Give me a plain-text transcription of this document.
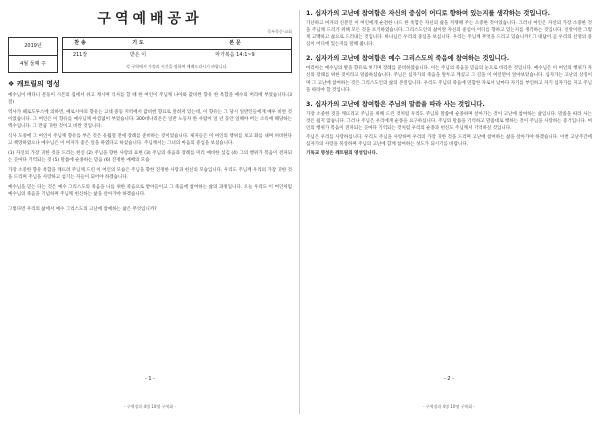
구역예배공과
목부목준-교회
2019년
4월 둘째 주
찬 송	기 도	본 문
211장	받은 이	마가복음 14:1~9
각 구역에서 가정과 시간을 정하여 예배드리시기 바랍니다.
❖ 캐트릴의 영성
예수님이 베다니 문둥이 시몬의 집에서 쉬고 계시며 식사를 할 때 한 여인이 주님께 나아와 값비싼 향유 한 옥합을 예수의 머리에 부었습니다.(3절)
역사가 헤로도투스에 의하면, 예로시아의 향유는 고대 중동 지역에서 값비싼 향료로 알려져 있는데, 이 향유는 그 당시 일반인들에게 매우 비싼 것이었습니다. 그 여인은 이 향유를 예수님께 아낌없이 부었습니다. 300데나리온은 일반 노동자 한 사람이 일 년 동안 일해야 버는 소득에 해당하는 액수입니다. 그 만큼 귀한 것이고 비싼 것입니다.
식사 도중에 그 여인이 주님께 향유를 부은 것은 유월절 전에 장례를 준비하는 것이었습니다. 제자들은 이 여인의 행위를 보고 화를 내며 허비한다고 책망하였으나 예수님은 이 여자가 좋은 일을 하였다고 하셨습니다. 주님께서는 그녀의 마음의 중심을 보셨습니다.
(1) 자신의 가장 귀한 것을 드리는 헌신 (2) 주님을 향한 사랑의 표현 (3) 주님의 죽음과 장례를 미리 예비한 섬김 (4) 그의 행위가 복음이 전파되는 곳마다 기억되는 것 (5) 말씀에 순종하는 믿음 (6) 진정한 예배의 모습
가장 소중한 향유 옥합을 깨뜨려 주님께 드린 이 여인의 모습은 주님을 향한 진정한 사랑과 헌신의 모습입니다. 우리도 주님께 우리의 가장 귀한 것을 드리며 주님을 사랑하고 섬기는 자들이 되어야 하겠습니다.
예수님을 믿는 다는 것은 예수 그리스도의 죽음을 나를 위한 죽음으로 받아들이고 그 죽음에 참여하는 삶의 과정입니다. 오늘 우리도 이 여인처럼 예수님의 죽음을 기념하며 주님께 헌신하는 삶을 살아가야 하겠습니다.
그렇다면 우리의 삶에서 예수 그리스도의 고난에 참예하는 삶은 무엇입니까?
- 1 -
- 구역장과 4명 10명 구역회 -
1. 십자가의 고난에 참여함은 자신의 중심이 어디로 향하여 있는지를 생각하는 것입니다.
가난하고 여자의 신분인 이 여인에게 순전한 나드 한 옥합은 자신의 삶을 지탱해 주는 소중한 것이었습니다. 그러나 여인은 자신의 가장 소중한 것을 주님께 드리기 위해 모든 것을 포기하였습니다. 그리스도인의 삶이란 자신의 중심이 어디를 향하고 있는지를 생각하는 것입니다. 신앙이란 그렇게 고백하고 삶으로 드러내는 것입니다. 하나님은 우리의 중심을 보십니다. 우리는 주님께 무엇을 드리고 있습니까? 그 대답이 곧 우리의 신앙의 중심이 어디에 있는지를 말해 줍니다.
2. 십자가의 고난에 참여함은 예수 그리스도의 죽음에 참여하는 것입니다.
마리아는 예수님의 발을 향유로 씻기며 장례를 준비하였습니다. 이는 주님의 죽음을 믿음의 눈으로 바라본 것입니다. 예수님은 이 여인의 행위가 자신의 장례를 위한 것이라고 말씀하셨습니다. 주님은 십자가의 죽음을 앞두고 계셨고 그 길을 이 여인만이 알아보았습니다. 십자가는 고난의 상징이며 그 고난에 참여하는 것은 그리스도인의 삶의 본질입니다. 우리도 주님의 죽음에 연합한 자로서 날마다 자기를 부인하고 자기 십자가를 지고 주님을 따라야 할 것입니다.
3. 십자가의 고난에 참여함은 주님의 말씀을 따라 사는 것입니다.
가장 소중한 것을 깨뜨리고 주님을 위해 드린 것처럼 우리도 주님의 말씀에 순종하며 살아가는 것이 고난에 참여하는 삶입니다. 말씀을 따라 사는 것은 쉽지 않습니다. 그러나 주님은 우리에게 순종을 요구하십니다. 주님의 말씀을 기억하고 말씀대로 행하는 것이 주님을 사랑하는 증거입니다. 여인의 행위가 복음이 전파되는 곳마다 기억되는 것처럼 우리의 순종과 헌신도 주님께서 기억하실 것입니다.
주님은 우리를 사랑하십니다. 우리도 주님을 사랑하여 우리의 가장 귀한 것을 드리며 고난에 참여하는 삶을 살아가야 하겠습니다. 이번 고난주간에 십자가의 사랑을 묵상하며 주님의 고난에 함께 참여하는 성도가 되시기를 바랍니다.
기독교 영성은 깨트림의 영성입니다.
- 2 -
- 구역장과 4명 10명 구역회 -
